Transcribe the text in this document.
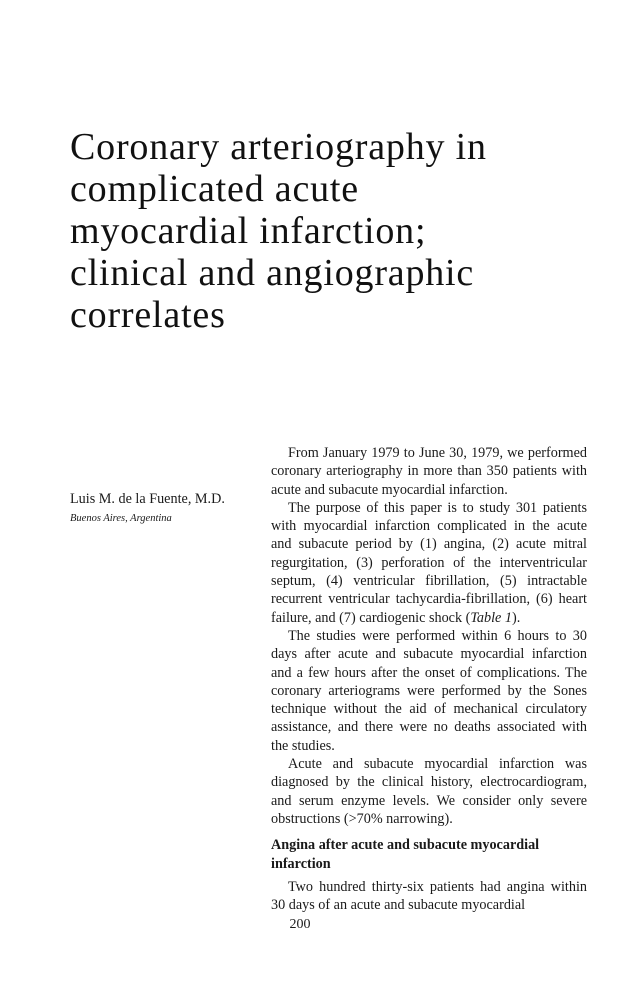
Coronary arteriography in
complicated acute
myocardial infarction;
clinical and angiographic
correlates
Luis M. de la Fuente, M.D.
Buenos Aires, Argentina

From January 1979 to June 30, 1979, we performed coronary arteriography in more than 350 patients with acute and subacute myocardial infarction.

The purpose of this paper is to study 301 patients with myocardial infarction complicated in the acute and subacute period by (1) angina, (2) acute mitral regurgitation, (3) perforation of the interventricular septum, (4) ventricular fibrillation, (5) intractable recurrent ventricular tachycardia-fibrillation, (6) heart failure, and (7) cardiogenic shock (Table 1).

The studies were performed within 6 hours to 30 days after acute and subacute myocardial infarction and a few hours after the onset of complications. The coronary arteriograms were performed by the Sones technique without the aid of mechanical circulatory assistance, and there were no deaths associated with the studies.

Acute and subacute myocardial infarction was diagnosed by the clinical history, electrocardiogram, and serum enzyme levels. We consider only severe obstructions (>70% narrowing).

Angina after acute and subacute myocardial infarction

Two hundred thirty-six patients had angina within 30 days of an acute and subacute myocardial

200
